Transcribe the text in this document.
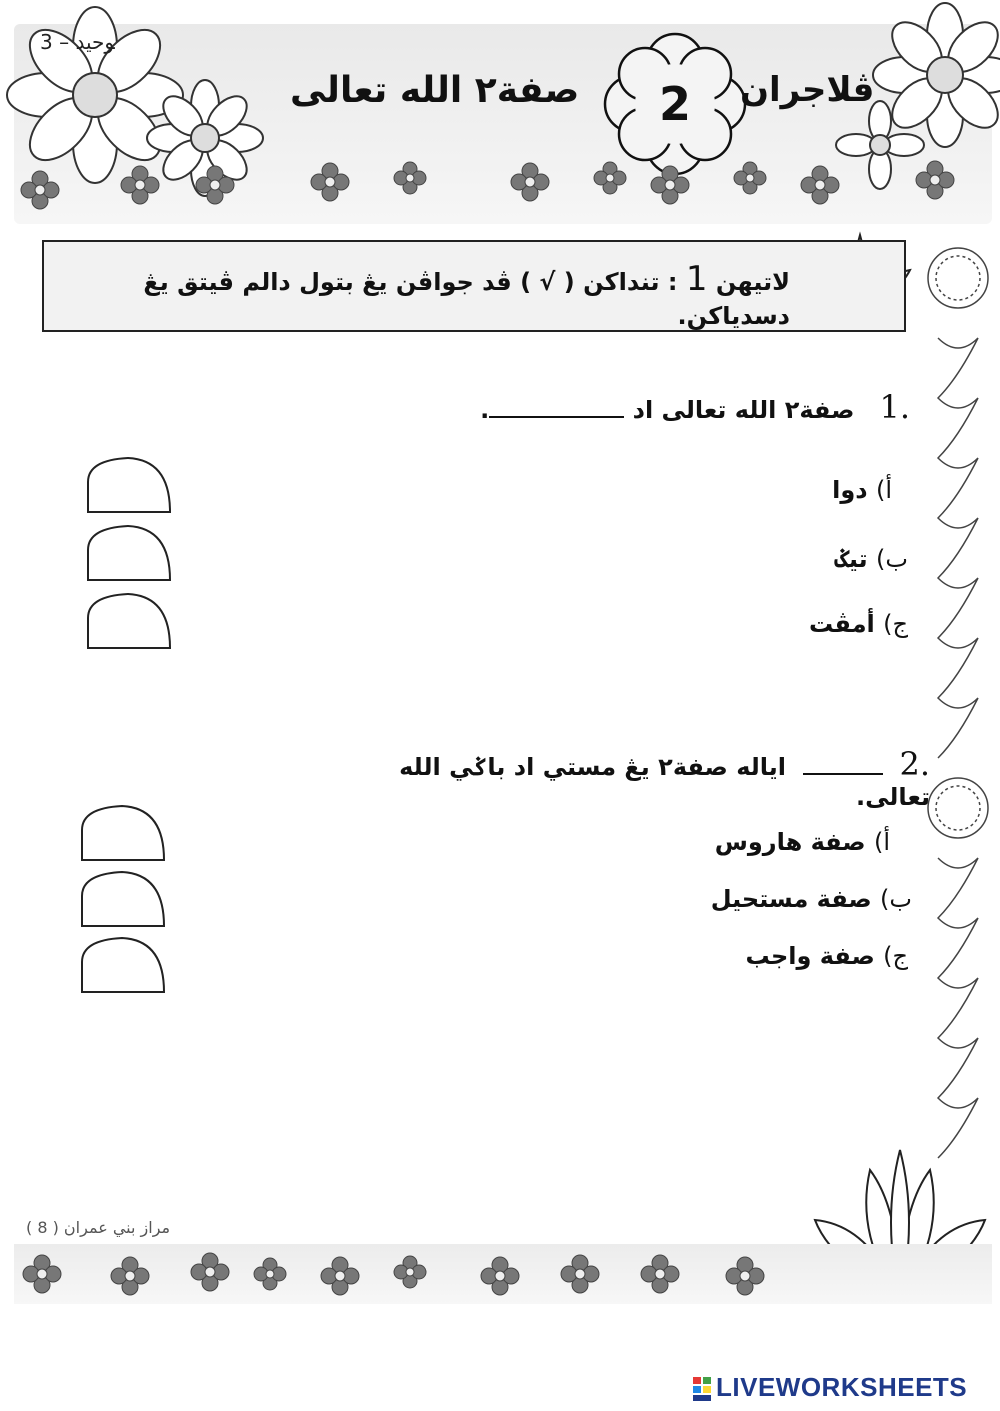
3 – ﻮﺣﻴﺪ
صفة٢ الله تعالى	2	ﭬﻼجران
لاتيهن 1 : تنداكن ( √ ) ڤد جواڤن يڠ بتول دالم ڤيتق يڠ دسدياكن.
.1   صفة٢ الله تعالى اد .
أ) دوا
ب) تيݢ
ج) أمڤت
.2    اياله صفة٢ يڠ مستي اد باݢي الله تعالى.
أ) صفة هاروس
ب) صفة مستحيل
ج) صفة واجب
مراز بني عمران ( 8 )
LIVEWORKSHEETS
